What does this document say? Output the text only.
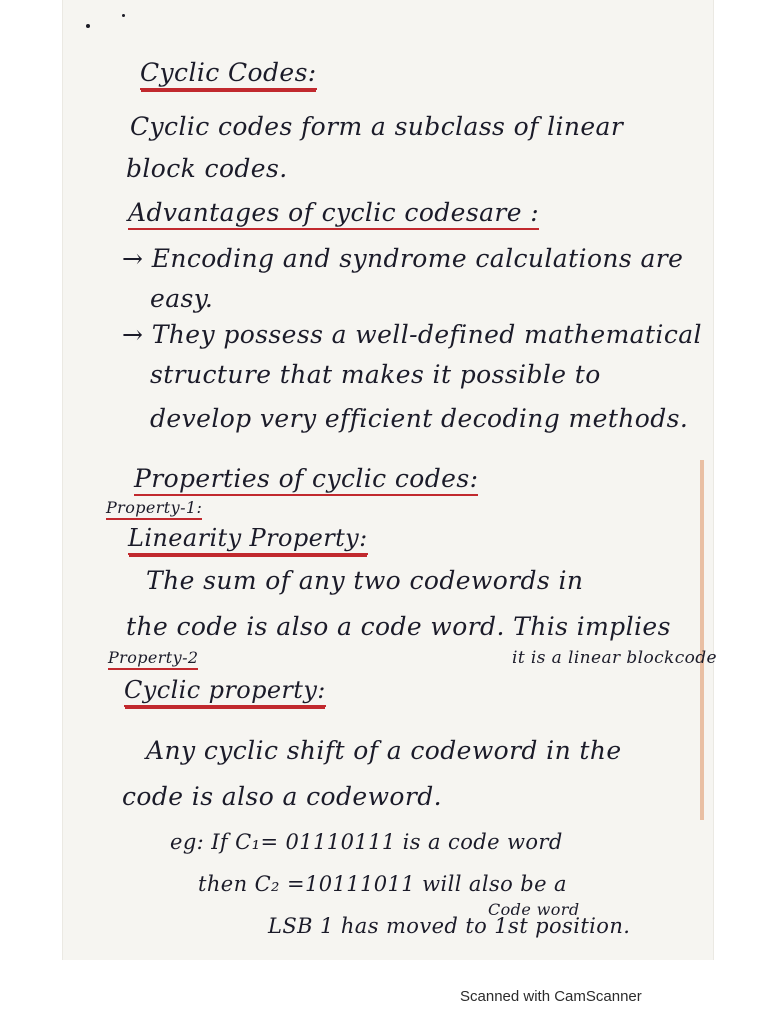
Cyclic Codes:

Cyclic codes form a subclass of linear

block codes.

Advantages of cyclic codesare :

→ Encoding and syndrome calculations are

easy.

→ They possess a well-defined mathematical

structure that makes it possible to

develop very efficient decoding methods.

Properties of cyclic codes:

Property-1:

Linearity Property:

The sum of any two codewords in

the code is also a code word. This implies

Property-2	it is a linear blockcode

Cyclic property:

Any cyclic shift of a codeword in the

code is also a codeword.

eg: If C₁= 01110111 is a code word

then C₂ =10111011 will also be a

Code word

LSB 1 has moved to 1st position.

Scanned with CamScanner
